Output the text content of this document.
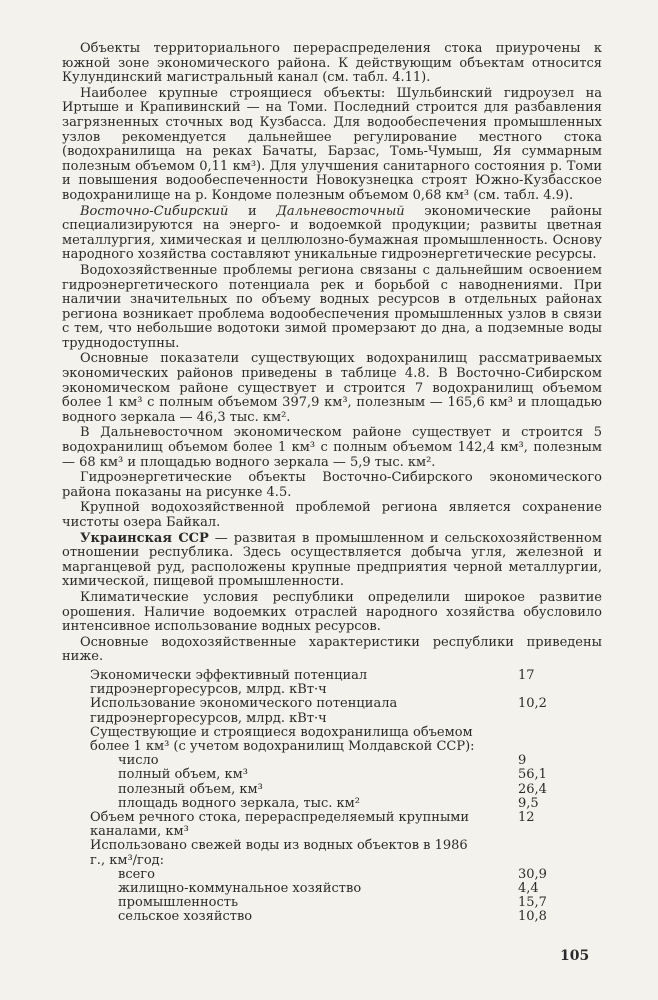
Объекты территориального перераспределения стока приурочены к южной зоне экономического района. К действующим объектам относится Кулундинский магистральный канал (см. табл. 4.11).

Наиболее крупные строящиеся объекты: Шульбинский гидроузел на Иртыше и Крапивинский — на Томи. Последний строится для разбавления загрязненных сточных вод Кузбасса. Для водообеспечения промышленных узлов рекомендуется дальнейшее регулирование местного стока (водохранилища на реках Бачаты, Барзас, Томь-Чумыш, Яя суммарным полезным объемом 0,11 км³). Для улучшения санитарного состояния р. Томи и повышения водообеспеченности Новокузнецка строят Южно-Кузбасское водохранилище на р. Кондоме полезным объемом 0,68 км³ (см. табл. 4.9).

Восточно-Сибирский и Дальневосточный экономические районы специализируются на энерго- и водоемкой продукции; развиты цветная металлургия, химическая и целлюлозно-бумажная промышленность. Основу народного хозяйства составляют уникальные гидроэнергетические ресурсы.

Водохозяйственные проблемы региона связаны с дальнейшим освоением гидроэнергетического потенциала рек и борьбой с наводнениями. При наличии значительных по объему водных ресурсов в отдельных районах региона возникает проблема водообеспечения промышленных узлов в связи с тем, что небольшие водотоки зимой промерзают до дна, а подземные воды труднодоступны.

Основные показатели существующих водохранилищ рассматриваемых экономических районов приведены в таблице 4.8. В Восточно-Сибирском экономическом районе существует и строится 7 водохранилищ объемом более 1 км³ с полным объемом 397,9 км³, полезным — 165,6 км³ и площадью водного зеркала — 46,3 тыс. км².

В Дальневосточном экономическом районе существует и строится 5 водохранилищ объемом более 1 км³ с полным объемом 142,4 км³, полезным — 68 км³ и площадью водного зеркала — 5,9 тыс. км².

Гидроэнергетические объекты Восточно-Сибирского экономического района показаны на рисунке 4.5.

Крупной водохозяйственной проблемой региона является сохранение чистоты озера Байкал.

Украинская ССР — развитая в промышленном и сельскохозяйственном отношении республика. Здесь осуществляется добыча угля, железной и марганцевой руд, расположены крупные предприятия черной металлургии, химической, пищевой промышленности.

Климатические условия республики определили широкое развитие орошения. Наличие водоемких отраслей народного хозяйства обусловило интенсивное использование водных ресурсов.

Основные водохозяйственные характеристики республики приведены ниже.

Экономически эффективный потенциал гидроэнергоресурсов, млрд. кВт·ч	17
Использование экономического потенциала гидроэнергоресурсов, млрд. кВт·ч	10,2
Существующие и строящиеся водохранилища объемом более 1 км³ (с учетом водохранилищ Молдавской ССР):	
число	9
полный объем, км³	56,1
полезный объем, км³	26,4
площадь водного зеркала, тыс. км²	9,5
Объем речного стока, перераспределяемый крупными каналами, км³	12
Использовано свежей воды из водных объектов в 1986 г., км³/год:	
всего	30,9
жилищно-коммунальное хозяйство	4,4
промышленность	15,7
сельское хозяйство	10,8
105
